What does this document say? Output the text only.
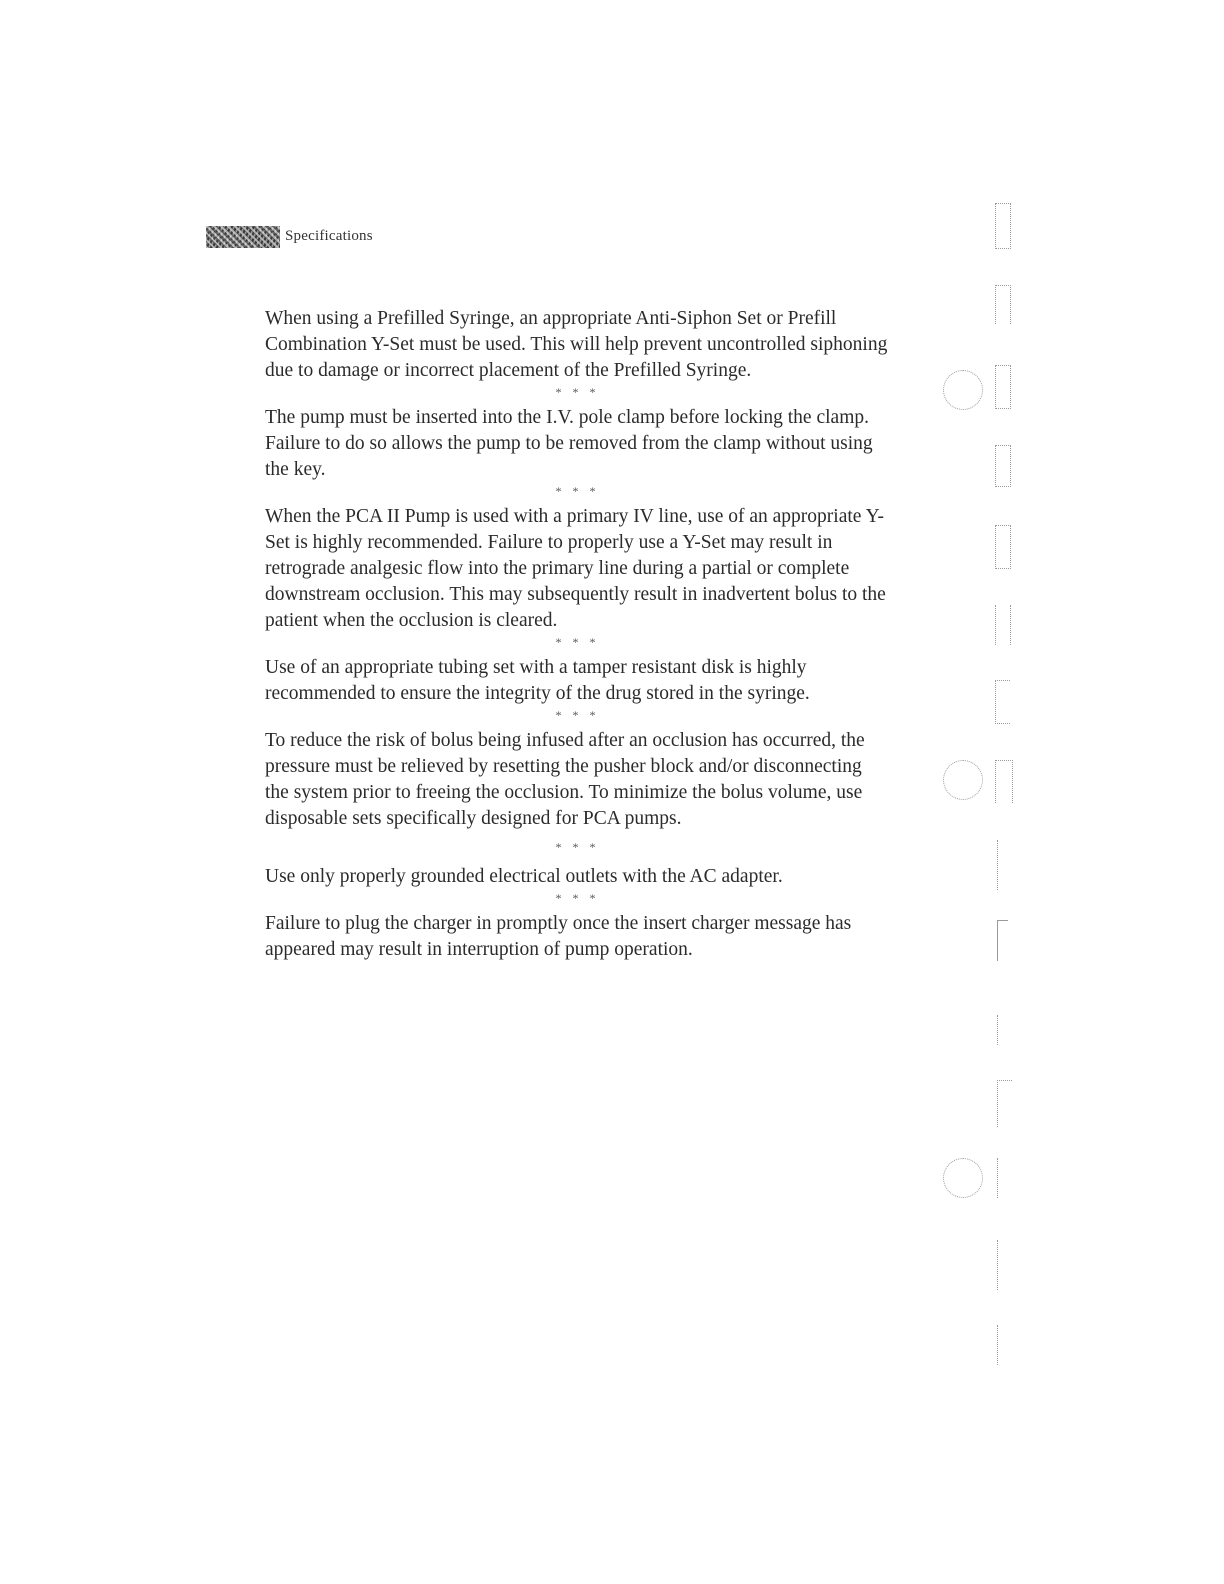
Specifications

When using a Prefilled Syringe, an appropriate Anti-Siphon Set or Prefill Combination Y-Set must be used. This will help prevent uncontrolled siphoning due to damage or incorrect placement of the Prefilled Syringe.

* * *

The pump must be inserted into the I.V. pole clamp before locking the clamp. Failure to do so allows the pump to be removed from the clamp without using the key.

* * *

When the PCA II Pump is used with a primary IV line, use of an appropriate Y-Set is highly recommended. Failure to properly use a Y-Set may result in retrograde analgesic flow into the primary line during a partial or complete downstream occlusion. This may subsequently result in inadvertent bolus to the patient when the occlusion is cleared.

* * *

Use of an appropriate tubing set with a tamper resistant disk is highly recommended to ensure the integrity of the drug stored in the syringe.

* * *

To reduce the risk of bolus being infused after an occlusion has occurred, the pressure must be relieved by resetting the pusher block and/or disconnecting the system prior to freeing the occlusion. To minimize the bolus volume, use disposable sets specifically designed for PCA pumps.

* * *

Use only properly grounded electrical outlets with the AC adapter.

* * *

Failure to plug the charger in promptly once the insert charger message has appeared may result in interruption of pump operation.
